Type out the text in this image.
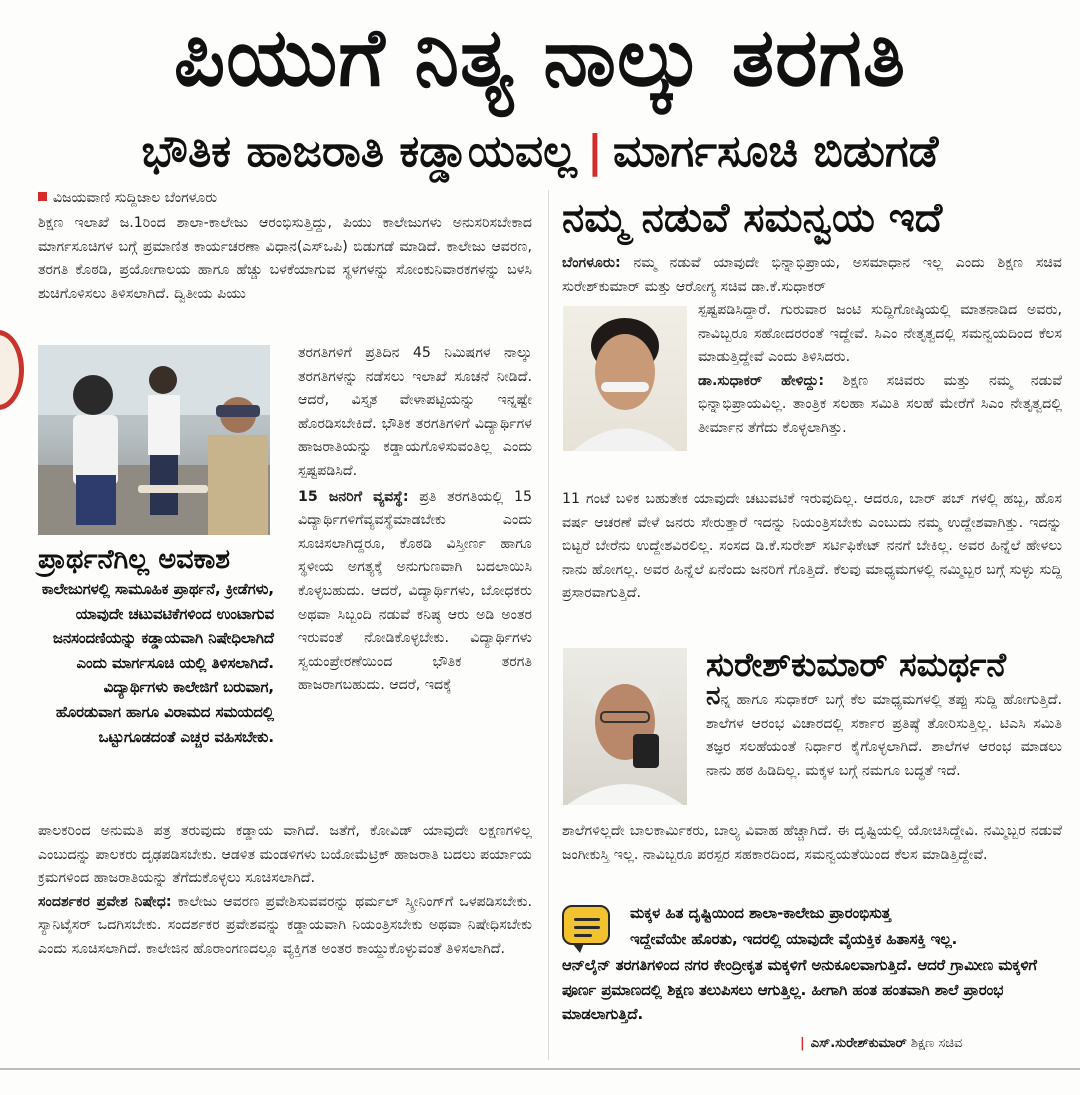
ಪಿಯುಗೆ ನಿತ್ಯ ನಾಲ್ಕು ತರಗತಿ
ಭೌತಿಕ ಹಾಜರಾತಿ ಕಡ್ಡಾಯವಲ್ಲ | ಮಾರ್ಗಸೂಚಿ ಬಿಡುಗಡೆ
ವಿಜಯವಾಣಿ ಸುದ್ದಿಜಾಲ ಬೆಂಗಳೂರು

ಶಿಕ್ಷಣ ಇಲಾಖೆ ಜ.1ರಿಂದ ಶಾಲಾ-ಕಾಲೇಜು ಆರಂಭಿಸುತ್ತಿದ್ದು, ಪಿಯು ಕಾಲೇಜುಗಳು ಅನುಸರಿಸಬೇಕಾದ ಮಾರ್ಗಸೂಚಿಗಳ ಬಗ್ಗೆ ಪ್ರಮಾಣಿತ ಕಾರ್ಯಚರಣಾ ವಿಧಾನ(ಎಸ್‌ಒಪಿ) ಬಿಡುಗಡೆ ಮಾಡಿದೆ. ಕಾಲೇಜು ಆವರಣ, ತರಗತಿ ಕೊಠಡಿ, ಪ್ರಯೋಗಾಲಯ ಹಾಗೂ ಹೆಚ್ಚು ಬಳಕೆಯಾಗುವ ಸ್ಥಳಗಳನ್ನು ಸೋಂಕುನಿವಾರಕಗಳನ್ನು ಬಳಸಿ ಶುಚಿಗೊಳಿಸಲು ತಿಳಿಸಲಾಗಿದೆ. ದ್ವಿತೀಯ ಪಿಯು

ತರಗತಿಗಳಿಗೆ ಪ್ರತಿದಿನ 45 ನಿಮಿಷಗಳ ನಾಲ್ಕು ತರಗತಿಗಳನ್ನು ನಡೆಸಲು ಇಲಾಖೆ ಸೂಚನೆ ನೀಡಿದೆ. ಆದರೆ, ವಿಸ್ತೃತ ವೇಳಾಪಟ್ಟಿಯನ್ನು ಇನ್ನಷ್ಟೇ ಹೊರಡಿಸಬೇಕಿದೆ. ಭೌತಿಕ ತರಗತಿಗಳಿಗೆ ವಿದ್ಯಾರ್ಥಿಗಳ ಹಾಜರಾತಿಯನ್ನು ಕಡ್ಡಾಯಗೊಳಿಸುವಂತಿಲ್ಲ ಎಂದು ಸ್ಪಷ್ಟಪಡಿಸಿದೆ.

15 ಜನರಿಗೆ ವ್ಯವಸ್ಥೆ: ಪ್ರತಿ ತರಗತಿಯಲ್ಲಿ 15 ವಿದ್ಯಾರ್ಥಿಗಳಿಗೆವ್ಯವಸ್ಥೆಮಾಡಬೇಕು ಎಂದು ಸೂಚಿಸಲಾಗಿದ್ದರೂ, ಕೊಠಡಿ ವಿಸ್ತೀರ್ಣ ಹಾಗೂ ಸ್ಥಳೀಯ ಅಗತ್ಯಕ್ಕೆ ಅನುಗುಣವಾಗಿ ಬದಲಾಯಿಸಿ ಕೊಳ್ಳಬಹುದು. ಆದರೆ, ವಿದ್ಯಾರ್ಥಿಗಳು, ಬೋಧಕರು ಅಥವಾ ಸಿಬ್ಬಂದಿ ನಡುವೆ ಕನಿಷ್ಠ ಆರು ಅಡಿ ಅಂತರ ಇರುವಂತೆ ನೋಡಿಕೊಳ್ಳಬೇಕು. ವಿದ್ಯಾರ್ಥಿಗಳು ಸ್ವಯಂಪ್ರೇರಣೆಯಿಂದ ಭೌತಿಕ ತರಗತಿ ಹಾಜರಾಗಬಹುದು. ಆದರೆ, ಇದಕ್ಕೆ

ಪ್ರಾರ್ಥನೆಗಿಲ್ಲ ಅವಕಾಶ
ಕಾಲೇಜುಗಳಲ್ಲಿ ಸಾಮೂಹಿಕ ಪ್ರಾರ್ಥನೆ, ಕ್ರೀಡೆಗಳು, ಯಾವುದೇ ಚಟುವಟಿಕೆಗಳಿಂದ ಉಂಟಾಗುವ ಜನಸಂದಣಿಯನ್ನು ಕಡ್ಡಾಯವಾಗಿ ನಿಷೇಧಿಲಾಗಿದೆ ಎಂದು ಮಾರ್ಗಸೂಚಿ ಯಲ್ಲಿ ತಿಳಿಸಲಾಗಿದೆ. ವಿದ್ಯಾರ್ಥಿಗಳು ಕಾಲೇಜಿಗೆ ಬರುವಾಗ, ಹೊರಡುವಾಗ ಹಾಗೂ ವಿರಾಮದ ಸಮಯದಲ್ಲಿ ಒಟ್ಟುಗೂಡದಂತೆ ಎಚ್ಚರ ವಹಿಸಬೇಕು.

ಪಾಲಕರಿಂದ ಅನುಮತಿ ಪತ್ರ ತರುವುದು ಕಡ್ಡಾಯ ವಾಗಿದೆ. ಜತೆಗೆ, ಕೋವಿಡ್ ಯಾವುದೇ ಲಕ್ಷಣಗಳಿಲ್ಲ ಎಂಬುದನ್ನು ಪಾಲಕರು ದೃಢಪಡಿಸಬೇಕು. ಆಡಳಿತ ಮಂಡಳಿಗಳು ಬಯೋಮೆಟ್ರಿಕ್ ಹಾಜರಾತಿ ಬದಲು ಪರ್ಯಾಯ ಕ್ರಮಗಳಿಂದ ಹಾಜರಾತಿಯನ್ನು ತೆಗೆದುಕೊಳ್ಳಲು ಸೂಚಿಸಲಾಗಿದೆ.

ಸಂದರ್ಶಕರ ಪ್ರವೇಶ ನಿಷೇಧ: ಕಾಲೇಜು ಆವರಣ ಪ್ರವೇಶಿಸುವವರನ್ನು ಥರ್ಮಲ್ ಸ್ಕ್ರೀನಿಂಗ್‌ಗೆ ಒಳಪಡಿಸಬೇಕು. ಸ್ಯಾನಿಟೈಸರ್ ಒದಗಿಸಬೇಕು. ಸಂದರ್ಶಕರ ಪ್ರವೇಶವನ್ನು ಕಡ್ಡಾಯವಾಗಿ ನಿಯಂತ್ರಿಸಬೇಕು ಅಥವಾ ನಿಷೇಧಿಸಬೇಕು ಎಂದು ಸೂಚಿಸಲಾಗಿದೆ. ಕಾಲೇಜಿನ ಹೊರಾಂಗಣದಲ್ಲೂ ವ್ಯಕ್ತಿಗತ ಅಂತರ ಕಾಯ್ದುಕೊಳ್ಳುವಂತೆ ತಿಳಿಸಲಾಗಿದೆ.

ನಮ್ಮ ನಡುವೆ ಸಮನ್ವಯ ಇದೆ

ಬೆಂಗಳೂರು: ನಮ್ಮ ನಡುವೆ ಯಾವುದೇ ಭಿನ್ನಾಭಿಪ್ರಾಯ, ಅಸಮಾಧಾನ ಇಲ್ಲ ಎಂದು ಶಿಕ್ಷಣ ಸಚಿವ ಸುರೇಶ್‌ಕುಮಾರ್ ಮತ್ತು ಆರೋಗ್ಯ ಸಚಿವ ಡಾ.ಕೆ.ಸುಧಾಕರ್

ಸ್ಪಷ್ಟಪಡಿಸಿದ್ದಾರೆ. ಗುರುವಾರ ಜಂಟಿ ಸುದ್ದಿಗೋಷ್ಠಿಯಲ್ಲಿ ಮಾತನಾಡಿದ ಅವರು, ನಾವಿಬ್ಬರೂ ಸಹೋದರರಂತೆ ಇದ್ದೇವೆ. ಸಿಎಂ ನೇತೃತ್ವದಲ್ಲಿ ಸಮನ್ವಯದಿಂದ ಕೆಲಸ ಮಾಡುತ್ತಿದ್ದೇವೆ ಎಂದು ತಿಳಿಸಿದರು.

ಡಾ.ಸುಧಾಕರ್ ಹೇಳಿದ್ದು: ಶಿಕ್ಷಣ ಸಚಿವರು ಮತ್ತು ನಮ್ಮ ನಡುವೆ ಭಿನ್ನಾಭಿಪ್ರಾಯವಿಲ್ಲ. ತಾಂತ್ರಿಕ ಸಲಹಾ ಸಮಿತಿ ಸಲಹೆ ಮೇರೆಗೆ ಸಿಎಂ ನೇತೃತ್ವದಲ್ಲಿ ತೀರ್ಮಾನ ತೆಗೆದು ಕೊಳ್ಳಲಾಗಿತ್ತು.

11 ಗಂಟೆ ಬಳಿಕ ಬಹುತೇಕ ಯಾವುದೇ ಚಟುವಟಿಕೆ ಇರುವುದಿಲ್ಲ. ಆದರೂ, ಬಾರ್ ಪಬ್ ಗಳಲ್ಲಿ ಹಬ್ಬ, ಹೊಸ ವರ್ಷ ಆಚರಣೆ ವೇಳೆ ಜನರು ಸೇರುತ್ತಾರೆ ಇದನ್ನು ನಿಯಂತ್ರಿಸಬೇಕು ಎಂಬುದು ನಮ್ಮ ಉದ್ದೇಶವಾಗಿತ್ತು. ಇದನ್ನು ಬಿಟ್ಟರೆ ಬೇರೆನು ಉದ್ದೇಶವಿರಲಿಲ್ಲ. ಸಂಸದ ಡಿ.ಕೆ.ಸುರೇಶ್ ಸರ್ಟಿಫಿಕೇಟ್ ನನಗೆ ಬೇಕಿಲ್ಲ. ಅವರ ಹಿನ್ನೆಲೆ ಹೇಳಲು ನಾನು ಹೋಗಲ್ಲ. ಅವರ ಹಿನ್ನೆಲೆ ಏನೆಂದು ಜನರಿಗೆ ಗೊತ್ತಿದೆ. ಕೆಲವು ಮಾಧ್ಯಮಗಳಲ್ಲಿ ನಮ್ಮಿಬ್ಬರ ಬಗ್ಗೆ ಸುಳ್ಳು ಸುದ್ದಿ ಪ್ರಸಾರವಾಗುತ್ತಿದೆ.

ಸುರೇಶ್‌ಕುಮಾರ್ ಸಮರ್ಥನೆ

ನನ್ನ ಹಾಗೂ ಸುಧಾಕರ್ ಬಗ್ಗೆ ಕೆಲ ಮಾಧ್ಯಮಗಳಲ್ಲಿ ತಪ್ಪು ಸುದ್ದಿ ಹೋಗುತ್ತಿದೆ. ಶಾಲೆಗಳ ಆರಂಭ ವಿಚಾರದಲ್ಲಿ ಸರ್ಕಾರ ಪ್ರತಿಷ್ಠೆ ತೋರಿಸುತ್ತಿಲ್ಲ. ಟಿಎಸಿ ಸಮಿತಿ ತಜ್ಞರ ಸಲಹೆಯಂತೆ ನಿರ್ಧಾರ ಕೈಗೊಳ್ಳಲಾಗಿದೆ. ಶಾಲೆಗಳ ಆರಂಭ ಮಾಡಲು ನಾನು ಹಠ ಹಿಡಿದಿಲ್ಲ. ಮಕ್ಕಳ ಬಗ್ಗೆ ನಮಗೂ ಬದ್ಧತೆ ಇದೆ.

ಶಾಲೆಗಳಿಲ್ಲದೇ ಬಾಲಕಾರ್ಮಿಕರು, ಬಾಲ್ಯ ವಿವಾಹ ಹೆಚ್ಚಾಗಿದೆ. ಈ ದೃಷ್ಟಿಯಲ್ಲಿ ಯೋಚಿಸಿದ್ದೇವಿ. ನಮ್ಮಿಬ್ಬರ ನಡುವೆ ಜಂಗೀಕುಸ್ತಿ ಇಲ್ಲ. ನಾವಿಬ್ಬರೂ ಪರಸ್ಪರ ಸಹಕಾರದಿಂದ, ಸಮನ್ವಯತೆಯಿಂದ ಕೆಲಸ ಮಾಡಿತ್ತಿದ್ದೇವೆ.

ಮಕ್ಕಳ ಹಿತ ದೃಷ್ಟಿಯಿಂದ ಶಾಲಾ-ಕಾಲೇಜು ಪ್ರಾರಂಭಿಸುತ್ತ
ಇದ್ದೇವೆಯೇ ಹೊರತು, ಇದರಲ್ಲಿ ಯಾವುದೇ ವೈಯಕ್ತಿಕ ಹಿತಾಸಕ್ತಿ ಇಲ್ಲ.
ಆನ್‌ಲೈನ್ ತರಗತಿಗಳಿಂದ ನಗರ ಕೇಂದ್ರೀಕೃತ ಮಕ್ಕಳಿಗೆ ಅನುಕೂಲವಾಗುತ್ತಿದೆ. ಆದರೆ ಗ್ರಾಮೀಣ ಮಕ್ಕಳಿಗೆ ಪೂರ್ಣ ಪ್ರಮಾಣದಲ್ಲಿ ಶಿಕ್ಷಣ ತಲುಪಿಸಲು ಆಗುತ್ತಿಲ್ಲ. ಹೀಗಾಗಿ ಹಂತ ಹಂತವಾಗಿ ಶಾಲೆ ಪ್ರಾರಂಭ ಮಾಡಲಾಗುತ್ತಿದೆ.
| ಎಸ್.ಸುರೇಶ್‌ಕುಮಾರ್ ಶಿಕ್ಷಣ ಸಚಿವ
